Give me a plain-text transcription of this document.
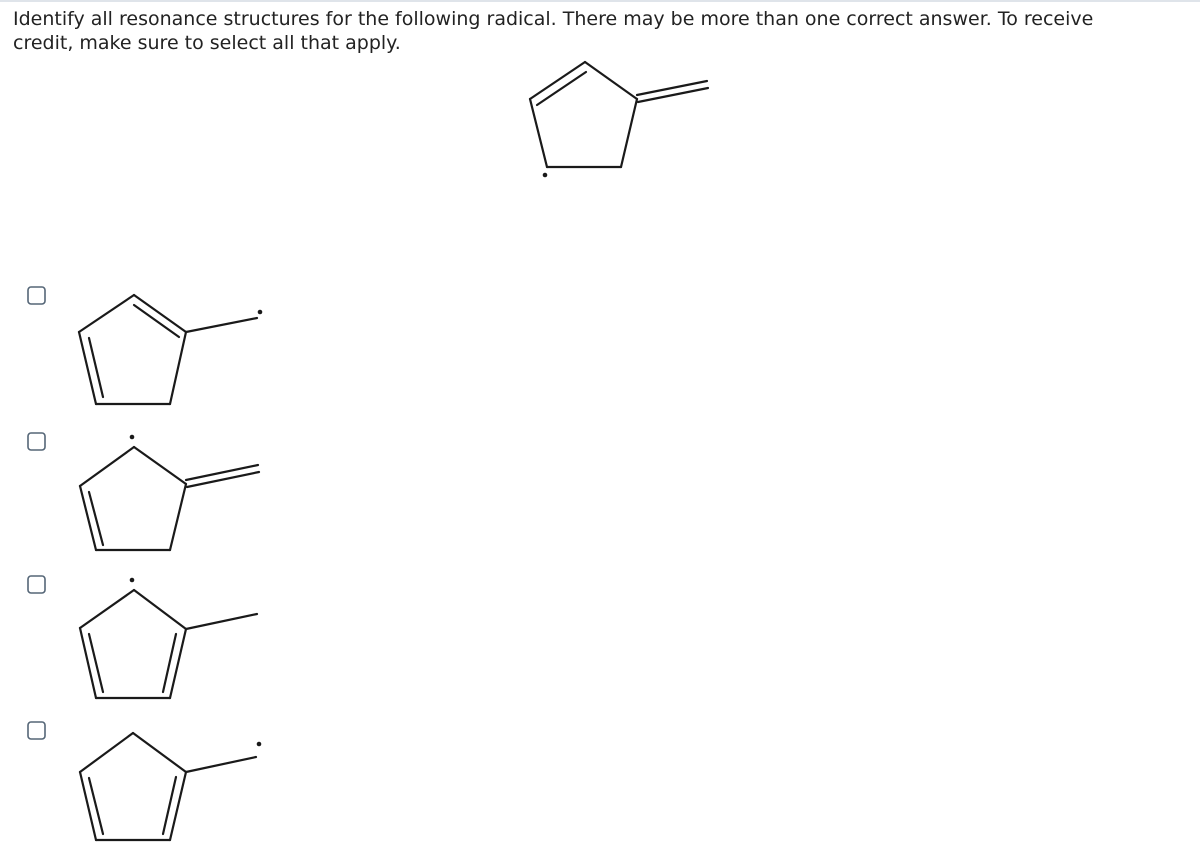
Identify all resonance structures for the following radical. There may be more than one correct answer. To receive
credit, make sure to select all that apply.
